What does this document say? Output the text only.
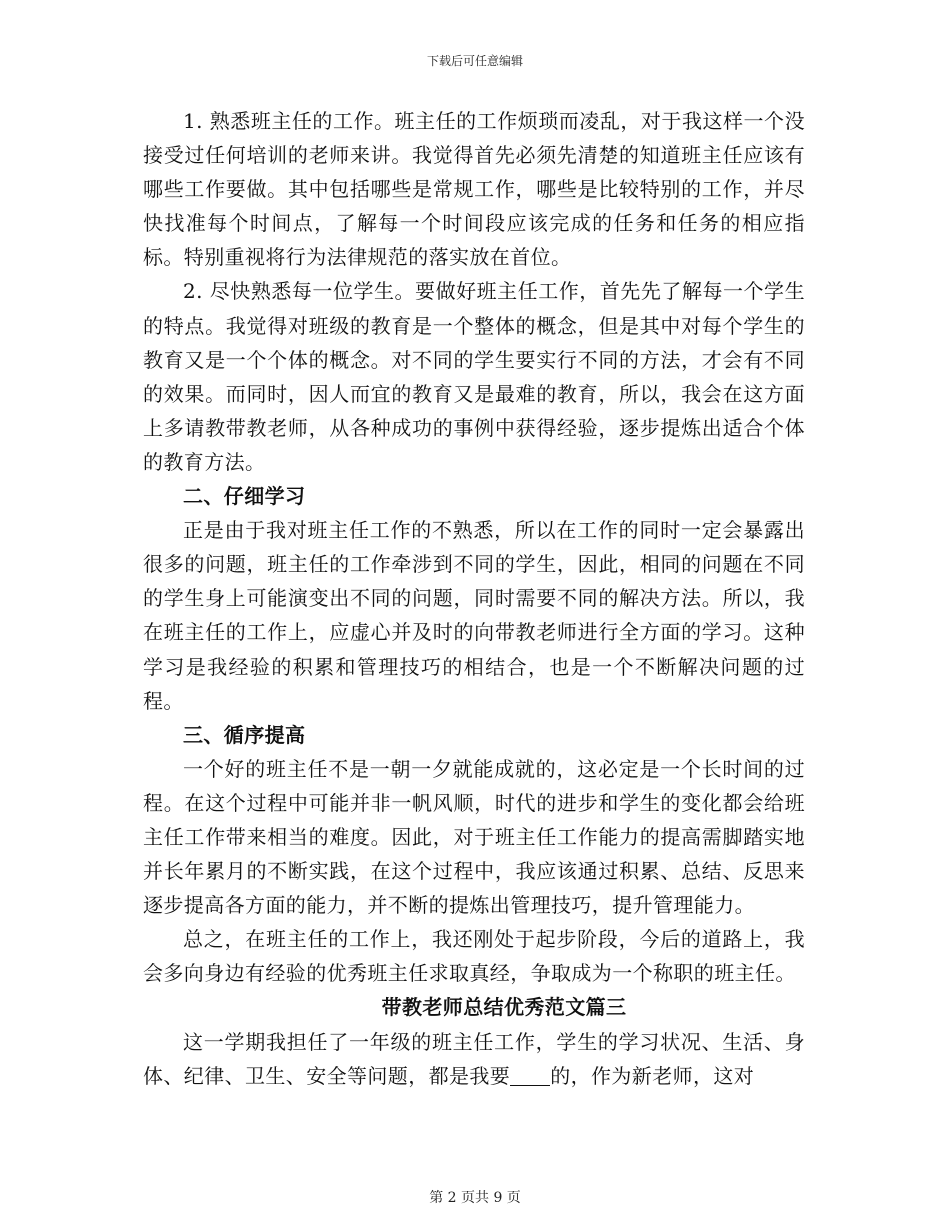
下载后可任意编辑

1. 熟悉班主任的工作。班主任的工作烦琐而凌乱，对于我这样一个没接受过任何培训的老师来讲。我觉得首先必须先清楚的知道班主任应该有哪些工作要做。其中包括哪些是常规工作，哪些是比较特别的工作，并尽快找准每个时间点，了解每一个时间段应该完成的任务和任务的相应指标。特别重视将行为法律规范的落实放在首位。

2. 尽快熟悉每一位学生。要做好班主任工作，首先先了解每一个学生的特点。我觉得对班级的教育是一个整体的概念，但是其中对每个学生的教育又是一个个体的概念。对不同的学生要实行不同的方法，才会有不同的效果。而同时，因人而宜的教育又是最难的教育，所以，我会在这方面上多请教带教老师，从各种成功的事例中获得经验，逐步提炼出适合个体的教育方法。

二、仔细学习

正是由于我对班主任工作的不熟悉，所以在工作的同时一定会暴露出很多的问题，班主任的工作牵涉到不同的学生，因此，相同的问题在不同的学生身上可能演变出不同的问题，同时需要不同的解决方法。所以，我在班主任的工作上，应虚心并及时的向带教老师进行全方面的学习。这种学习是我经验的积累和管理技巧的相结合，也是一个不断解决问题的过程。

三、循序提高

一个好的班主任不是一朝一夕就能成就的，这必定是一个长时间的过程。在这个过程中可能并非一帆风顺，时代的进步和学生的变化都会给班主任工作带来相当的难度。因此，对于班主任工作能力的提高需脚踏实地并长年累月的不断实践，在这个过程中，我应该通过积累、总结、反思来逐步提高各方面的能力，并不断的提炼出管理技巧，提升管理能力。

总之，在班主任的工作上，我还刚处于起步阶段，今后的道路上，我会多向身边有经验的优秀班主任求取真经，争取成为一个称职的班主任。

带教老师总结优秀范文篇三

这一学期我担任了一年级的班主任工作，学生的学习状况、生活、身体、纪律、卫生、安全等问题，都是我要 的，作为新老师，这对

第 2 页共 9 页
